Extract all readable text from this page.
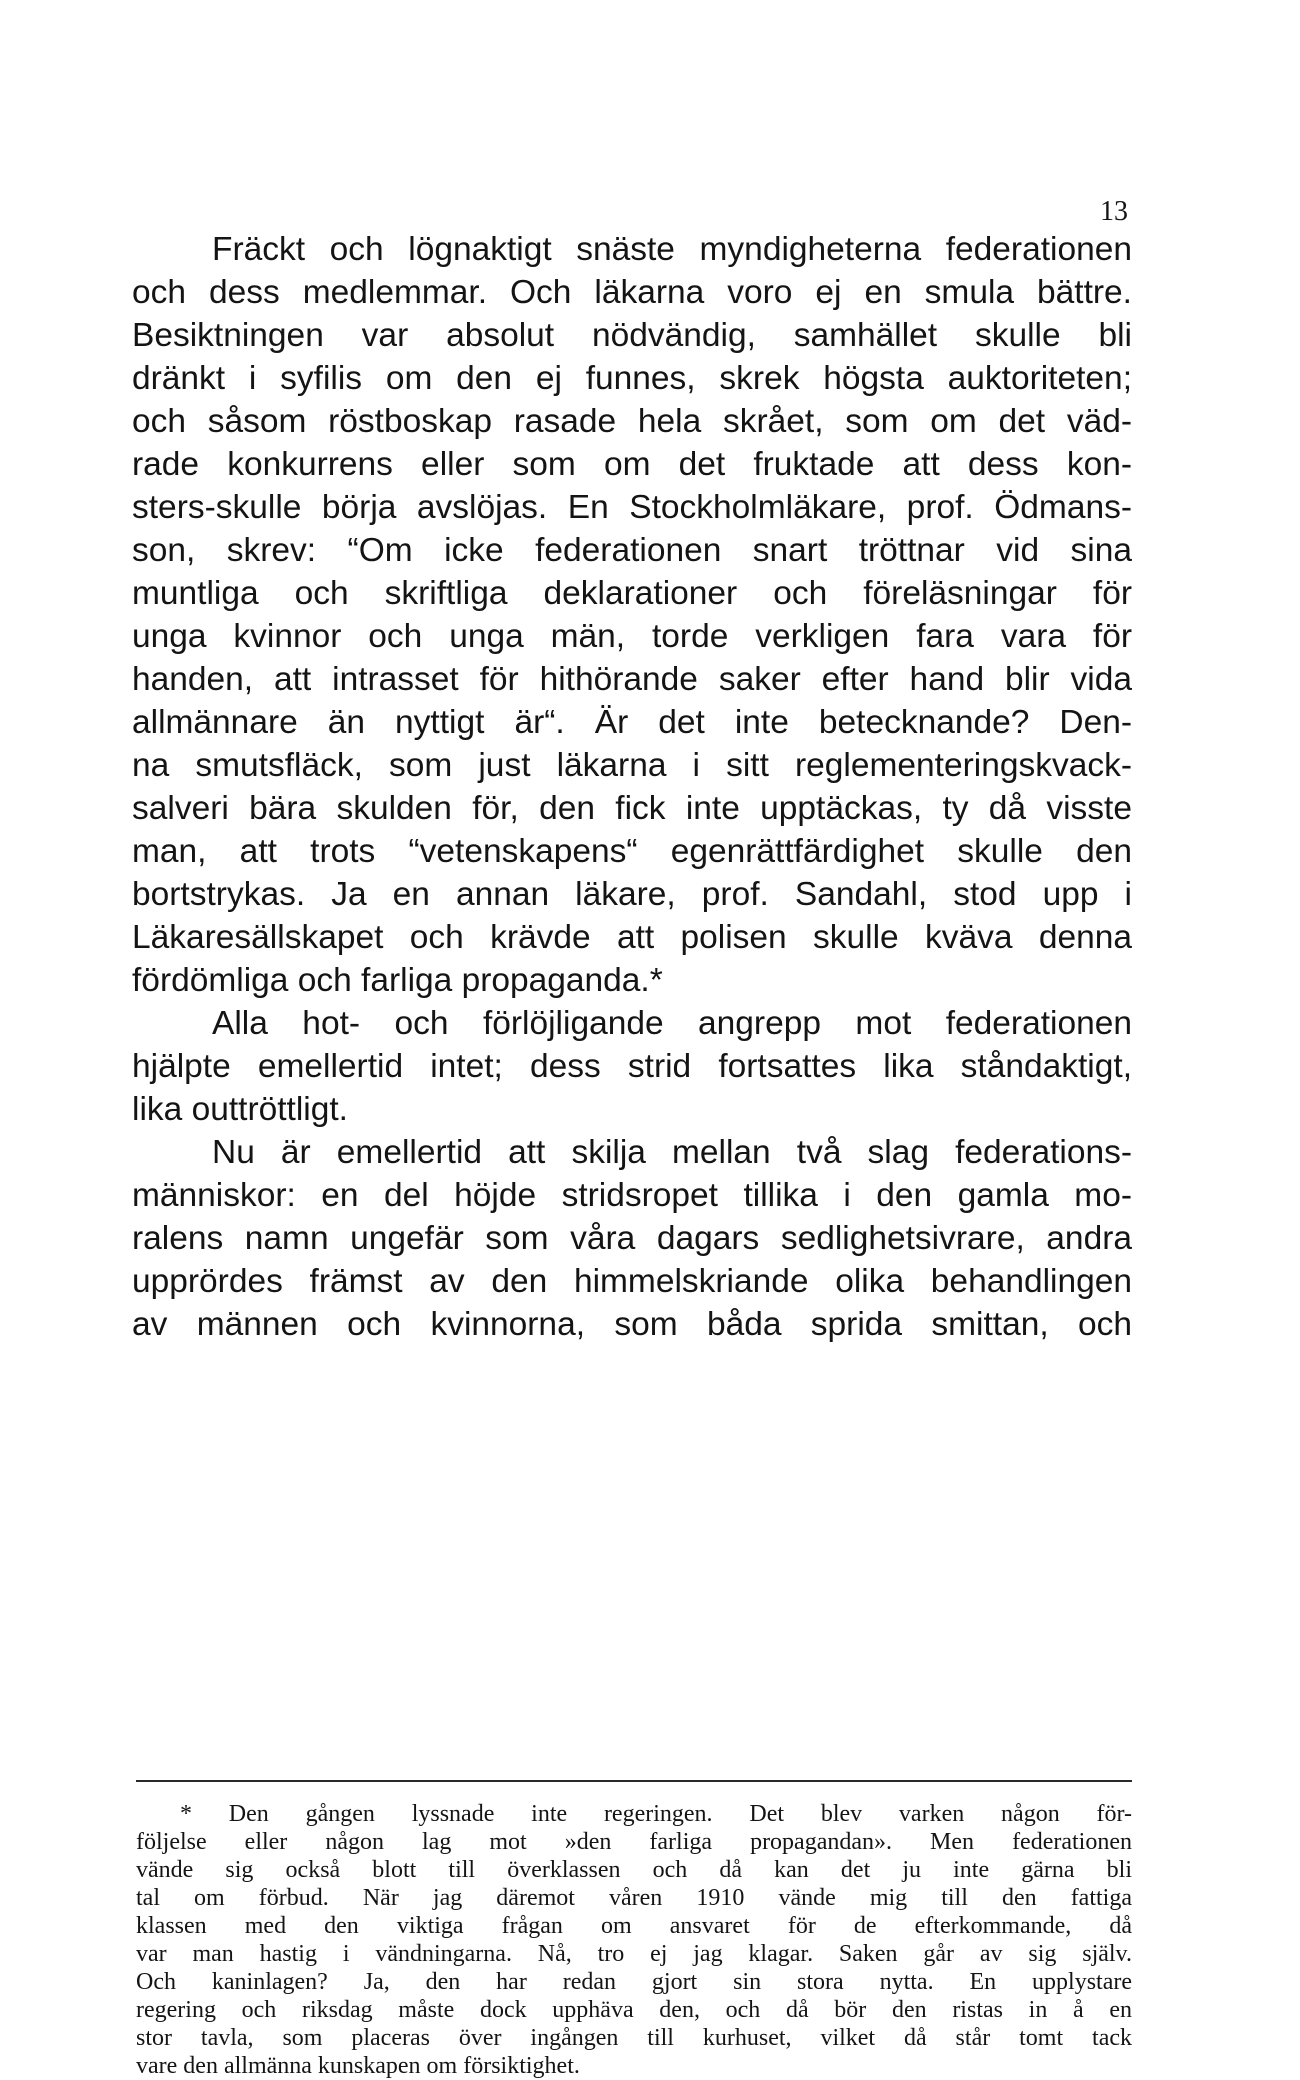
13
Fräckt och lögnaktigt snäste myndigheterna federationen
och dess medlemmar. Och läkarna voro ej en smula bättre.
Besiktningen var absolut nödvändig, samhället skulle bli
dränkt i syfilis om den ej funnes, skrek högsta auktoriteten;
och såsom röstboskap rasade hela skrået, som om det väd-
rade konkurrens eller som om det fruktade att dess kon-
sters-skulle börja avslöjas. En Stockholmläkare, prof. Ödmans-
son, skrev: “Om icke federationen snart tröttnar vid sina
muntliga och skriftliga deklarationer och föreläsningar för
unga kvinnor och unga män, torde verkligen fara vara för
handen, att intrasset för hithörande saker efter hand blir vida
allmännare än nyttigt är“. Är det inte betecknande? Den-
na smutsfläck, som just läkarna i sitt reglementeringskvack-
salveri bära skulden för, den fick inte upptäckas, ty då visste
man, att trots “vetenskapens“ egenrättfärdighet skulle den
bortstrykas. Ja en annan läkare, prof. Sandahl, stod upp i
Läkaresällskapet och krävde att polisen skulle kväva denna
fördömliga och farliga propaganda.*
Alla hot- och förlöjligande angrepp mot federationen
hjälpte emellertid intet; dess strid fortsattes lika ståndaktigt,
lika outtröttligt.
Nu är emellertid att skilja mellan två slag federations-
människor: en del höjde stridsropet tillika i den gamla mo-
ralens namn ungefär som våra dagars sedlighetsivrare, andra
upprördes främst av den himmelskriande olika behandlingen
av männen och kvinnorna, som båda sprida smittan, och
* Den gången lyssnade inte regeringen. Det blev varken någon för-
följelse eller någon lag mot »den farliga propagandan». Men federationen
vände sig också blott till överklassen och då kan det ju inte gärna bli
tal om förbud. När jag däremot våren 1910 vände mig till den fattiga
klassen med den viktiga frågan om ansvaret för de efterkommande, då
var man hastig i vändningarna. Nå, tro ej jag klagar. Saken går av sig själv.
Och kaninlagen? Ja, den har redan gjort sin stora nytta. En upplystare
regering och riksdag måste dock upphäva den, och då bör den ristas in å en
stor tavla, som placeras över ingången till kurhuset, vilket då står tomt tack
vare den allmänna kunskapen om försiktighet.
